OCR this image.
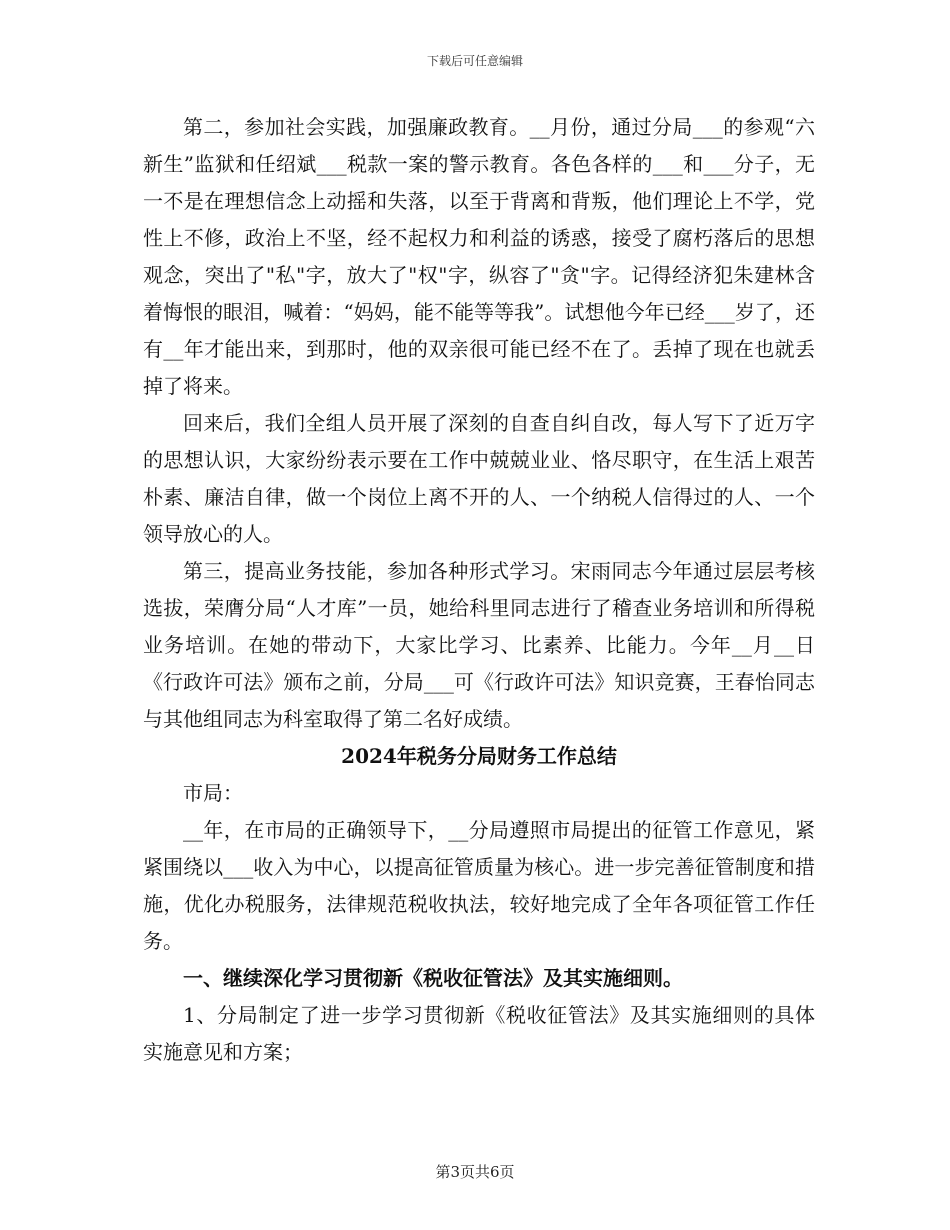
下载后可任意编辑

第二，参加社会实践，加强廉政教育。__月份，通过分局___的参观“六新生”监狱和任绍斌___税款一案的警示教育。各色各样的___和___分子，无一不是在理想信念上动摇和失落，以至于背离和背叛，他们理论上不学，党性上不修，政治上不坚，经不起权力和利益的诱惑，接受了腐朽落后的思想观念，突出了"私"字，放大了"权"字，纵容了"贪"字。记得经济犯朱建林含着悔恨的眼泪，喊着：“妈妈，能不能等等我”。试想他今年已经___岁了，还有__年才能出来，到那时，他的双亲很可能已经不在了。丢掉了现在也就丢掉了将来。

回来后，我们全组人员开展了深刻的自查自纠自改，每人写下了近万字的思想认识，大家纷纷表示要在工作中兢兢业业、恪尽职守，在生活上艰苦朴素、廉洁自律，做一个岗位上离不开的人、一个纳税人信得过的人、一个领导放心的人。

第三，提高业务技能，参加各种形式学习。宋雨同志今年通过层层考核选拔，荣膺分局“人才库”一员，她给科里同志进行了稽查业务培训和所得税业务培训。在她的带动下，大家比学习、比素养、比能力。今年__月__日《行政许可法》颁布之前，分局___可《行政许可法》知识竞赛，王春怡同志与其他组同志为科室取得了第二名好成绩。

2024年税务分局财务工作总结

市局：

__年，在市局的正确领导下，__分局遵照市局提出的征管工作意见，紧紧围绕以___收入为中心，以提高征管质量为核心。进一步完善征管制度和措施，优化办税服务，法律规范税收执法，较好地完成了全年各项征管工作任务。

一、继续深化学习贯彻新《税收征管法》及其实施细则。

1、分局制定了进一步学习贯彻新《税收征管法》及其实施细则的具体实施意见和方案；

第3页共6页
